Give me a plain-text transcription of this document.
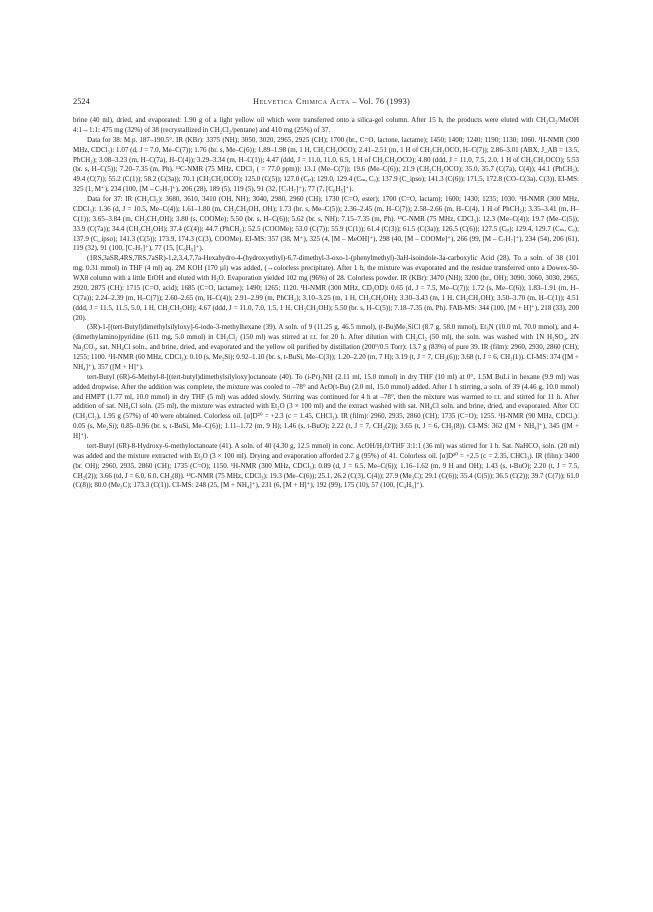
2524	Helvetica Chimica Acta – Vol. 76 (1993)

brine (40 ml), dried, and evaporated: 1.90 g of a light yellow oil which were transferred onto a silica-gel column. After 15 h, the products were eluted with CH₂Cl₂/MeOH 4:1→1:1: 475 mg (32%) of 38 (recrystallized in CH₂Cl₂/pentane) and 410 mg (25%) of 37.

Data for 38: M.p. 187–190.5°. IR (KBr): 3375 (NH); 3050, 3020, 2965, 2925 (CH); 1700 (br., C=O, lactone, lactame); 1450; 1400; 1240; 1190; 1130; 1060. ¹H-NMR (300 MHz, CDCl₃): 1.07 (d, J = 7.0, Me–C(7)); 1.76 (br. s, Me–C(6)); 1.89–1.98 (m, 1 H, CH₂CH₂OCO); 2.41–2.51 (m, 1 H of CH₂CH₂OCO, H–C(7)); 2.86–3.01 (ABX, J_AB = 13.5, PhCH₂); 3.08–3.23 (m, H–C(7a), H–C(4)); 3.29–3.34 (m, H–C(1)); 4.47 (ddd, J = 11.0, 11.0, 6.5, 1 H of CH₂CH₂OCO); 4.80 (ddd, J = 11.0, 7.5, 2.0, 1 H of CH₂CH₂OCO); 5.53 (br. s, H–C(5)); 7.20–7.35 (m, Ph). ¹³C-NMR (75 MHz, CDCl₃ ( = 77.0 ppm)): 13.1 (Me–C(7)); 19.6 (Me–C(6)); 21.9 (CH₂CH₂OCO); 35.0, 35.7 (C(7a), C(4)); 44.1 (PhCH₂); 49.4 (C(7)); 55.2 (C(1)); 58.2 (C(3a)); 70.1 (CH₂CH₂OCO); 125.0 (C(5)); 127.0 (Cₚ); 129.0, 129.4 (Cₘ, Cₒ); 137.9 (C_ipso); 141.3 (C(6)); 171.5, 172.8 (CO–C(3a), C(3)). EI-MS: 325 (1, M⁺), 234 (100, [M – C₇H₇]⁺), 206 (28), 189 (5), 119 (5), 91 (32, [C₇H₇]⁺), 77 (7, [C₆H₅]⁺).

Data for 37: IR (CH₂Cl₂): 3680, 3610, 3410 (OH, NH); 3040, 2980, 2960 (CH); 1730 (C=O, ester); 1700 (C=O, lactam); 1600; 1430; 1235; 1030. ¹H-NMR (300 MHz, CDCl₃): 1.36 (d, J = 10.5, Me–C(4)); 1.61–1.80 (m, CH₂CH₂OH, OH); 1.73 (br. s, Me–C(5)); 2.36–2.45 (m, H–C(7)); 2.58–2.66 (m, H–C(4), 1 H of PhCH₂); 3.35–3.41 (m, H–C(1)); 3.65–3.84 (m, CH₂CH₂OH); 3.80 (s, COOMe); 5.50 (br. s, H–C(6)); 5.62 (br. s, NH); 7.15–7.35 (m, Ph). ¹³C-NMR (75 MHz, CDCl₃): 12.3 (Me–C(4)); 19.7 (Me–C(5)); 33.9 (C(7a)); 34.4 (CH₂CH₂OH); 37.4 (C(4)); 44.7 (PhCH₂); 52.5 (COOMe); 53.0 (C(7)); 55.9 (C(1)); 61.4 (C(3)); 61.5 (C(3a)); 126.5 (C(6)); 127.5 (Cₚ); 129.4, 129.7 (Cₘ, Cₒ); 137.9 (C_ipso); 141.3 (C(5)); 173.9, 174.3 (C(3), COOMe). EI-MS: 357 (38, M⁺), 325 (4, [M – MeOH]⁺), 298 (40, [M – COOMe]⁺), 266 (99, [M – C₇H₇]⁺), 234 (54), 206 (61), 119 (32), 91 (100, [C₇H₇]⁺), 77 (15, [C₆H₅]⁺).

(1RS,3aSR,4RS,7RS,7aSR)-1,2,3,4,7,7a-Hexahydro-4-(hydroxyethyl)-6,7-dimethyl-3-oxo-1-(phenylmethyl)-3aH-isoindole-3a-carboxylic Acid (28). To a soln. of 38 (101 mg, 0.31 mmol) in THF (4 ml) aq. 2M KOH (170 µl) was added, (→colorless precipitate). After 1 h, the mixture was evaporated and the residue transferred onto a Dowex-50-WX8 column with a little EtOH and eluted with H₂O. Evaporation yielded 102 mg (96%) of 28. Colorless powder. IR (KBr): 3470 (NH); 3200 (br., OH); 3090, 3060, 3030, 2965, 2920, 2875 (CH); 1715 (C=O, acid); 1685 (C=O, lactame); 1490; 1265; 1120. ¹H-NMR (300 MHz, CD₃OD): 0.65 (d, J = 7.5, Me–C(7)); 1.72 (s, Me–C(6)); 1.83–1.91 (m, H–C(7a)); 2.24–2.39 (m, H–C(7)); 2.60–2.65 (m, H–C(4)); 2.91–2.99 (m, PhCH₂); 3.10–3.25 (m, 1 H, CH₂CH₂OH); 3.30–3.43 (m, 1 H, CH₂CH₂OH); 3.50–3.70 (m, H–C(1)); 4.51 (ddd, J = 11.5, 11.5, 5.0, 1 H, CH₂CH₂OH); 4.67 (ddd, J = 11.0, 7.0, 1.5, 1 H, CH₂CH₂OH); 5.50 (br. s, H–C(5)); 7.18–7.35 (m, Ph). FAB-MS: 344 (100, [M + H]⁺), 218 (33), 200 (20).

(3R)-1-[(tert-Butyl)dimethylsilyloxy]-6-iodo-3-methylhexane (39). A soln. of 9 (11.25 g, 46.5 mmol), (t-Bu)Me₂SiCl (8.7 g, 58.0 mmol), Et₃N (10.0 ml, 70.0 mmol), and 4-(dimethylamino)pyridine (611 mg, 5.0 mmol) in CH₂Cl₂ (150 ml) was stirred at r.t. for 20 h. After dilution with CH₂Cl₂ (50 ml), the soln. was washed with 1N H₂SO₄, 2N Na₂CO₃, sat. NH₄Cl soln., and brine, dried, and evaporated and the yellow oil purified by distillation (200°/0.5 Torr): 13.7 g (83%) of pure 39. IR (film): 2960, 2930, 2860 (CH); 1255; 1100. ¹H-NMR (60 MHz, CDCl₃): 0.10 (s, Me₂Si); 0.92–1.10 (br. s, t-BuSi, Me–C(3)); 1.20–2.20 (m, 7 H); 3.19 (t, J = 7, CH₂(6)); 3.68 (t, J = 6, CH₂(1)). CI-MS: 374 ([M + NH₄]⁺), 357 ([M + H]⁺).

tert-Butyl (6R)-6-Methyl-8-[(tert-butyl)dimethylsilyloxy]octanoate (40). To (i-Pr)₂NH (2.11 ml, 15.0 mmol) in dry THF (10 ml) at 0°, 1.5M BuLi in hexane (9.9 ml) was added dropwise. After the addition was complete, the mixture was cooled to –78° and AcO(t-Bu) (2.0 ml, 15.0 mmol) added. After 1 h stirring, a soln. of 39 (4.46 g, 10.0 mmol) and HMPT (1.77 ml, 10.0 mmol) in dry THF (5 ml) was added slowly. Stirring was continued for 4 h at –78°, then the mixture was warmed to r.t. and stirred for 11 h. After addition of sat. NH₄Cl soln. (25 ml), the mixture was extracted with Et₂O (3 × 100 ml) and the extract washed with sat. NH₄Cl soln. and brine, dried, and evaporated. After CC (CH₂Cl₂), 1.95 g (57%) of 40 were obtained. Colorless oil. [α]D²⁰ = +2.3 (c = 1.45, CHCl₃). IR (film): 2960, 2935, 2860 (CH); 1735 (C=O); 1255. ¹H-NMR (90 MHz, CDCl₃): 0.05 (s, Me₂Si); 0.85–0.96 (br. s, t-BuSi, Me–C(6)); 1.11–1.72 (m, 9 H); 1.46 (s, t-BuO); 2.22 (t, J = 7, CH₂(2)); 3.65 (t, J = 6, CH₂(8)). CI-MS: 362 ([M + NH₄]⁺), 345 ([M + H]⁺).

tert-Butyl (6R)-8-Hydroxy-6-methyloctanoate (41). A soln. of 40 (4.30 g, 12.5 mmol) in conc. AcOH/H₂O/THF 3:1:1 (36 ml) was stirred for 1 h. Sat. NaHCO₃ soln. (20 ml) was added and the mixture extracted with Et₂O (3 × 100 ml). Drying and evaporation afforded 2.7 g (95%) of 41. Colorless oil. [α]D²⁰ = +2.5 (c = 2.35, CHCl₃). IR (film): 3400 (br. OH); 2960, 2935, 2860 (CH); 1735 (C=O); 1150. ¹H-NMR (300 MHz, CDCl₃): 0.89 (d, J = 6.5, Me–C(6)); 1.16–1.62 (m, 9 H and OH); 1.43 (s, t-BuO); 2.20 (t, J = 7.5, CH₂(2)); 3.66 (td, J = 6.0, 6.0, CH₂(8)). ¹³C-NMR (75 MHz, CDCl₃): 19.3 (Me–C(6)); 25.1, 26.2 (C(3), C(4)); 27.9 (Me₃C); 29.1 (C(6)); 35.4 (C(5)); 36.5 (C(2)); 39.7 (C(7)); 61.0 (C(8)); 80.0 (Me₃C); 173.3 (C(1)). CI-MS: 248 (25, [M + NH₄]⁺), 231 (6, [M + H]⁺), 192 (99), 175 (10), 57 (100, [C₄H₉]⁺).
